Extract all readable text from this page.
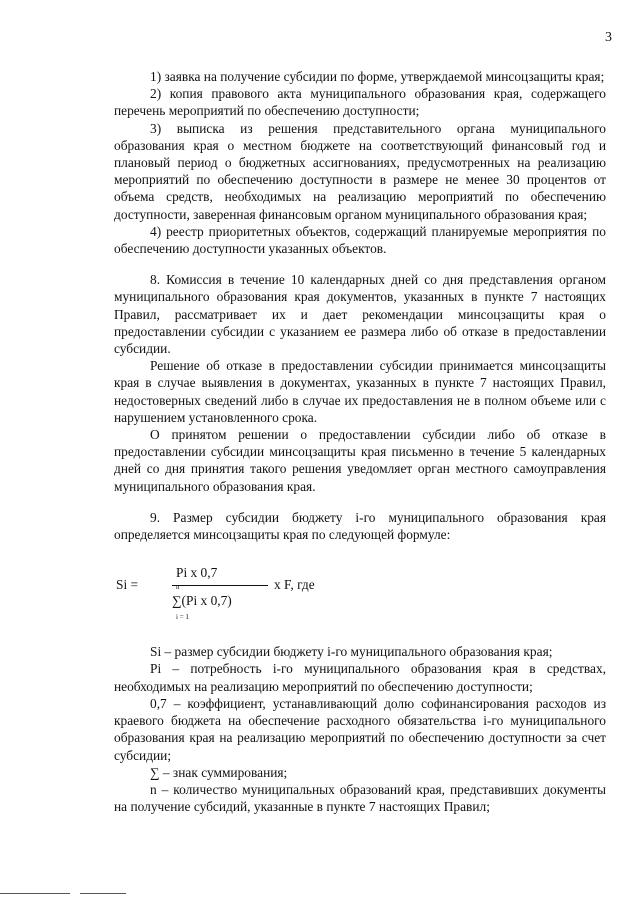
3

1) заявка на получение субсидии по форме, утверждаемой минсоцзащиты края;

2) копия правового акта муниципального образования края, содержащего перечень мероприятий по обеспечению доступности;

3) выписка из решения представительного органа муниципального образования края о местном бюджете на соответствующий финансовый год и плановый период о бюджетных ассигнованиях, предусмотренных на реализацию мероприятий по обеспечению доступности в размере не менее 30 процентов от объема средств, необходимых на реализацию мероприятий по обеспечению доступности, заверенная финансовым органом муниципального образования края;

4) реестр приоритетных объектов, содержащий планируемые мероприятия по обеспечению доступности указанных объектов.

8. Комиссия в течение 10 календарных дней со дня представления органом муниципального образования края документов, указанных в пункте 7 настоящих Правил, рассматривает их и дает рекомендации минсоцзащиты края о предоставлении субсидии с указанием ее размера либо об отказе в предоставлении субсидии.

Решение об отказе в предоставлении субсидии принимается минсоцзащиты края в случае выявления в документах, указанных в пункте 7 настоящих Правил, недостоверных сведений либо в случае их предоставления не в полном объеме или с нарушением установленного срока.

О принятом решении о предоставлении субсидии либо об отказе в предоставлении субсидии минсоцзащиты края письменно в течение 5 календарных дней со дня принятия такого решения уведомляет орган местного самоуправления муниципального образования края.

9. Размер субсидии бюджету i-го муниципального образования края определяется минсоцзащиты края по следующей формуле:

Si =
Pi x 0,7
n
∑(Pi x 0,7)
i = 1
x F, где

Si – размер субсидии бюджету i-го муниципального образования края;

Pi – потребность i-го муниципального образования края в средствах, необходимых на реализацию мероприятий по обеспечению доступности;

0,7 – коэффициент, устанавливающий долю софинансирования расходов из краевого бюджета на обеспечение расходного обязательства i-го муниципального образования края на реализацию мероприятий по обеспечению доступности за счет субсидии;

∑ – знак суммирования;

n – количество муниципальных образований края, представивших документы на получение субсидий, указанные в пункте 7 настоящих Правил;
